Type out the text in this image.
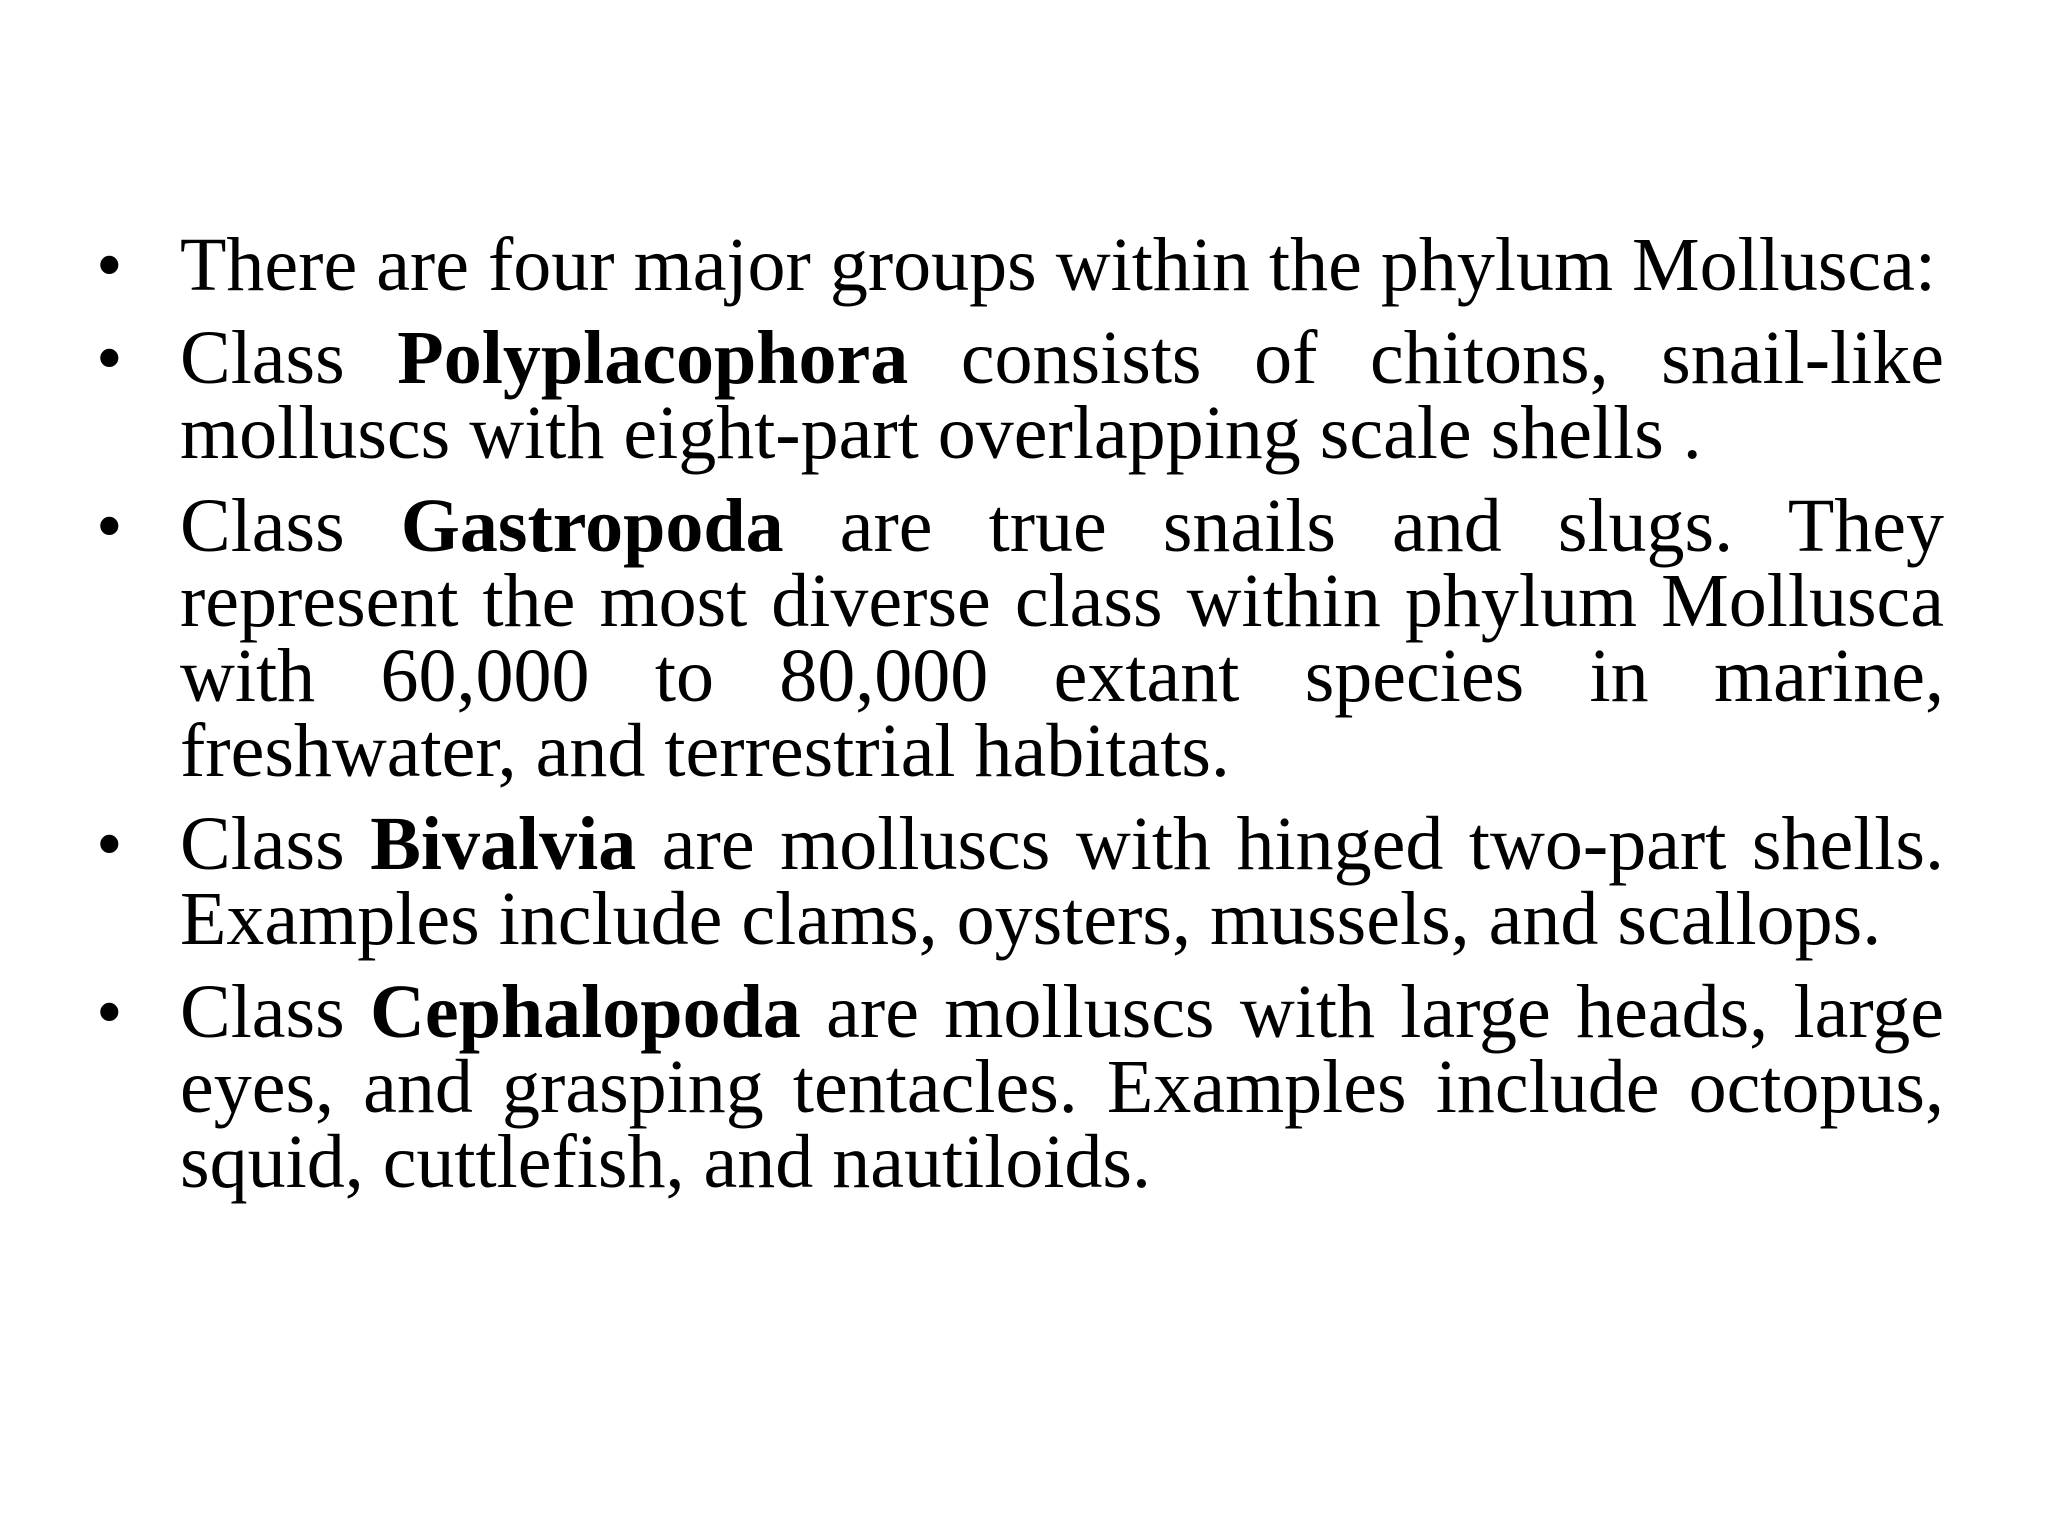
• There are four major groups within the phylum Mollusca:
• Class Polyplacophora consists of chitons, snail-like molluscs with eight-part overlapping scale shells .
• Class Gastropoda are true snails and slugs. They represent the most diverse class within phylum Mollusca with 60,000 to 80,000 extant species in marine, freshwater, and terrestrial habitats.
• Class Bivalvia are molluscs with hinged two-part shells. Examples include clams, oysters, mussels, and scallops.
• Class Cephalopoda are molluscs with large heads, large eyes, and grasping tentacles. Examples include octopus, squid, cuttlefish, and nautiloids.
